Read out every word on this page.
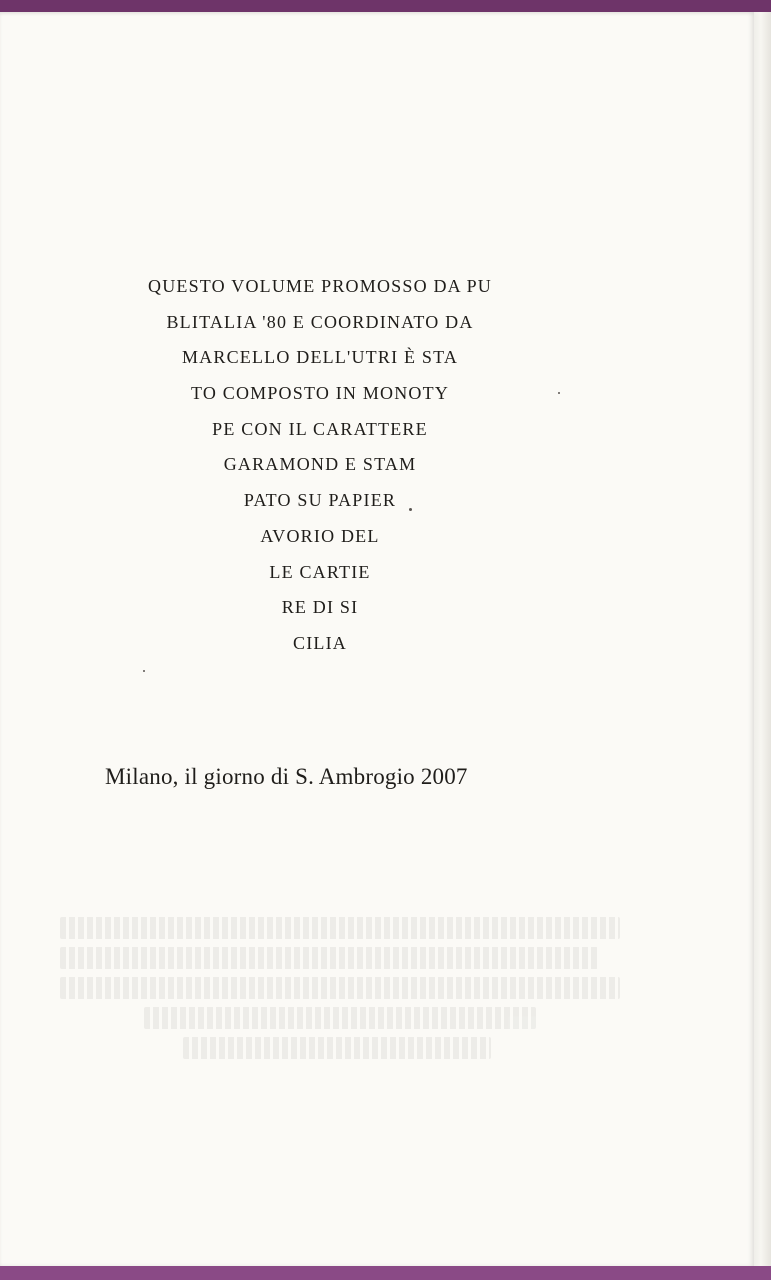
QUESTO VOLUME PROMOSSO DA PU
BLITALIA '80 E COORDINATO DA
MARCELLO DELL'UTRI È STA
TO COMPOSTO IN MONOTY
PE CON IL CARATTERE
GARAMOND E STAM
PATO SU PAPIER
AVORIO DEL
LE CARTIE
RE DI SI
CILIA
Milano, il giorno di S. Ambrogio 2007
